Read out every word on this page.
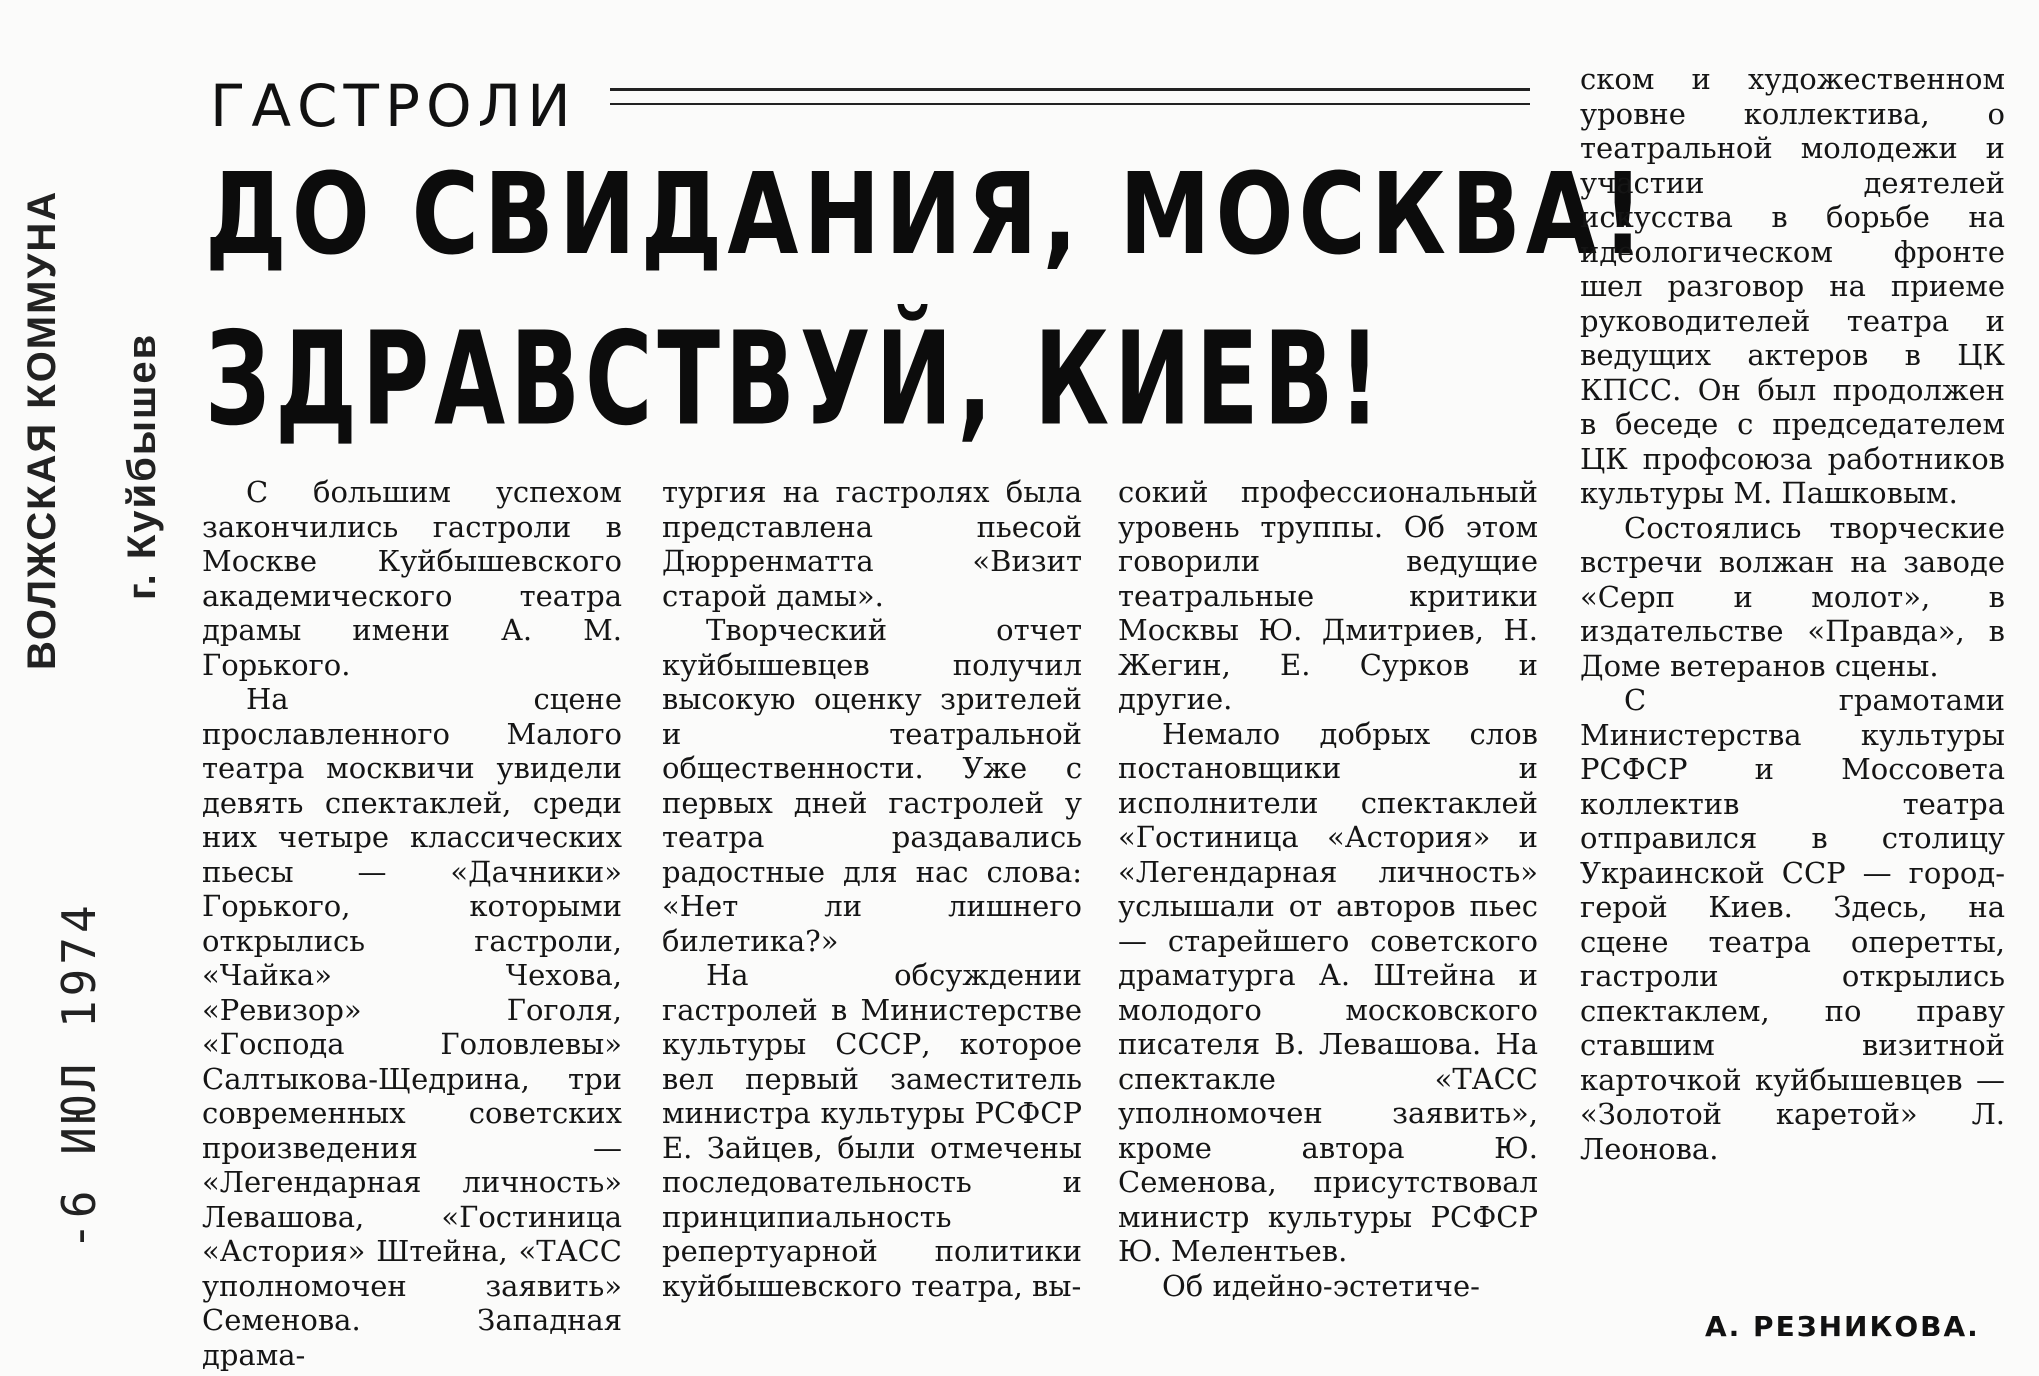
ВОЛЖСКАЯ КОММУНА г. Куйбышев
-6 ИЮЛ 1974
ГАСТРОЛИ
ДО СВИДАНИЯ, МОСКВА!
ЗДРАВСТВУЙ, КИЕВ!

С большим успехом закончились гастроли в Москве Куйбышевского академического театра драмы имени А. М. Горького.

На сцене прославленного Малого театра москвичи увидели девять спектаклей, среди них четыре классических пьесы — «Дачники» Горького, которыми открылись гастроли, «Чайка» Чехова, «Ревизор» Гоголя, «Господа Головлевы» Салтыкова-Щедрина, три современных советских произведения — «Легендарная личность» Левашова, «Гостиница «Астория» Штейна, «ТАСС уполномочен заявить» Семенова. Западная драма-

тургия на гастролях была представлена пьесой Дюрренматта «Визит старой дамы».

Творческий отчет куйбышевцев получил высокую оценку зрителей и театральной общественности. Уже с первых дней гастролей у театра раздавались радостные для нас слова: «Нет ли лишнего билетика?»

На обсуждении гастролей в Министерстве культуры СССР, которое вел первый заместитель министра культуры РСФСР Е. Зайцев, были отмечены последовательность и принципиальность репертуарной политики куйбышевского театра, вы-

сокий профессиональный уровень труппы. Об этом говорили ведущие театральные критики Москвы Ю. Дмитриев, Н. Жегин, Е. Сурков и другие.

Немало добрых слов постановщики и исполнители спектаклей «Гостиница «Астория» и «Легендарная личность» услышали от авторов пьес — старейшего советского драматурга А. Штейна и молодого московского писателя В. Левашова. На спектакле «ТАСС уполномочен заявить», кроме автора Ю. Семенова, присутствовал министр культуры РСФСР Ю. Мелентьев.

Об идейно-эстетиче-

ском и художественном уровне коллектива, о театральной молодежи и участии деятелей искусства в борьбе на идеологическом фронте шел разговор на приеме руководителей театра и ведущих актеров в ЦК КПСС. Он был продолжен в беседе с председателем ЦК профсоюза работников культуры М. Пашковым.

Состоялись творческие встречи волжан на заводе «Серп и молот», в издательстве «Правда», в Доме ветеранов сцены.

С грамотами Министерства культуры РСФСР и Моссовета коллектив театра отправился в столицу Украинской ССР — город-герой Киев. Здесь, на сцене театра оперетты, гастроли открылись спектаклем, по праву ставшим визитной карточкой куйбышевцев — «Золотой каретой» Л. Леонова.

А. РЕЗНИКОВА.
